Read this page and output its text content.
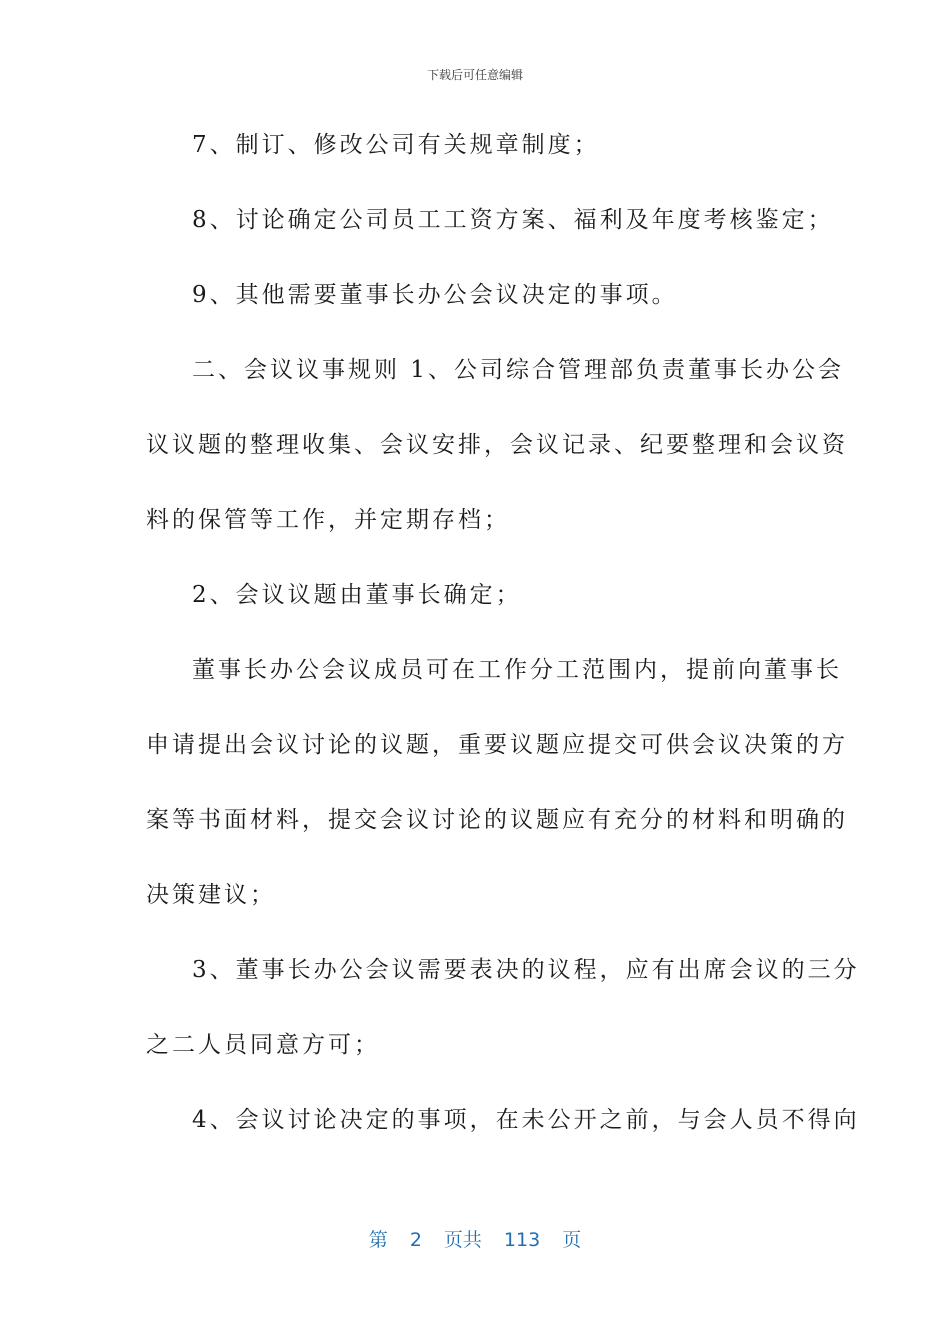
下载后可任意编辑
7、制订、修改公司有关规章制度；
8、讨论确定公司员工工资方案、福利及年度考核鉴定；
9、其他需要董事长办公会议决定的事项。
二、会议议事规则 1、公司综合管理部负责董事长办公会
议议题的整理收集、会议安排，会议记录、纪要整理和会议资
料的保管等工作，并定期存档；
2、会议议题由董事长确定；
董事长办公会议成员可在工作分工范围内，提前向董事长
申请提出会议讨论的议题，重要议题应提交可供会议决策的方
案等书面材料，提交会议讨论的议题应有充分的材料和明确的
决策建议；
3、董事长办公会议需要表决的议程，应有出席会议的三分
之二人员同意方可；
4、会议讨论决定的事项，在未公开之前，与会人员不得向
第 2 页共 113 页
